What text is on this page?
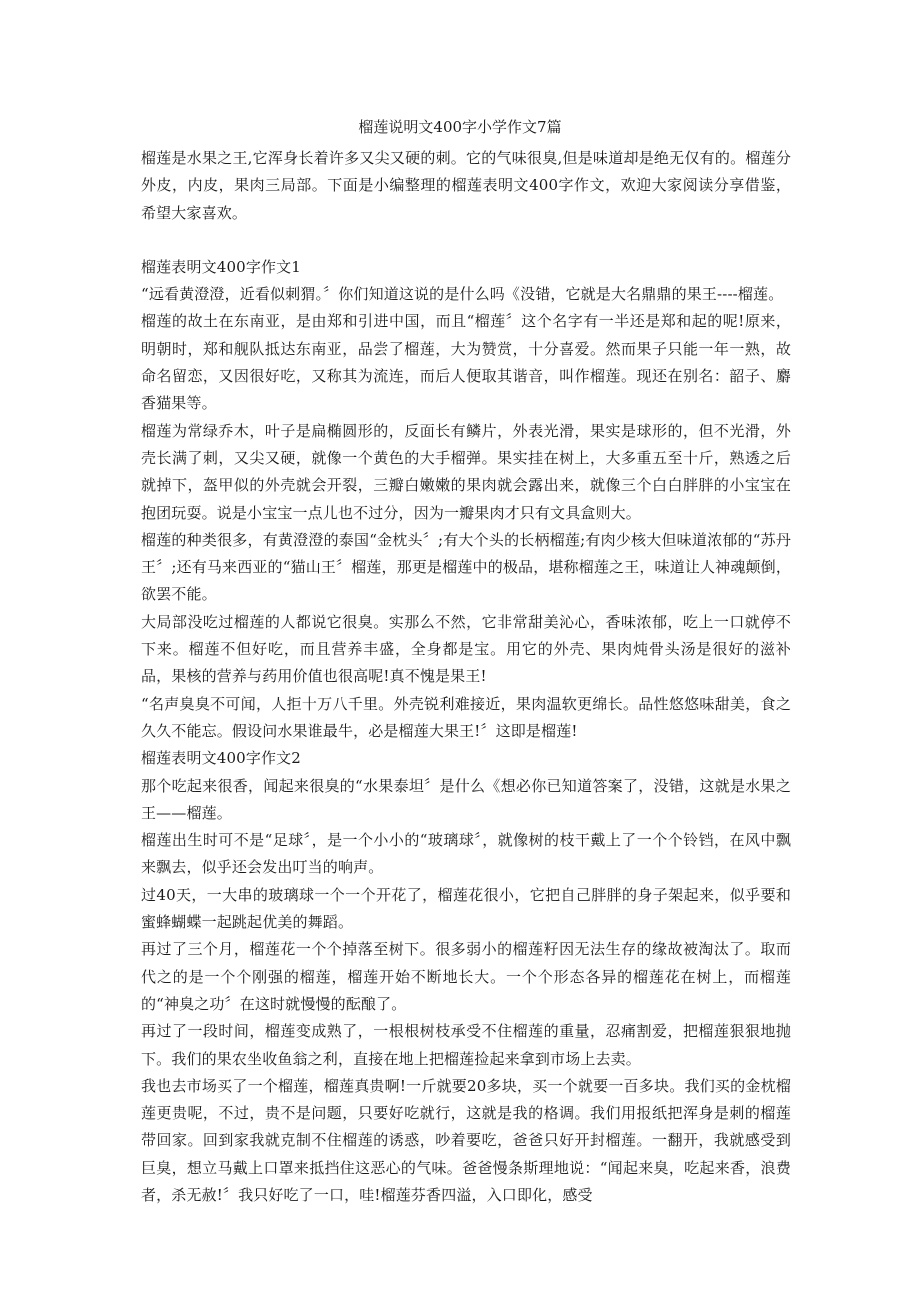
榴莲说明文400字小学作文7篇

榴莲是水果之王,它浑身长着许多又尖又硬的刺。它的气味很臭,但是味道却是绝无仅有的。榴莲分外皮，内皮，果肉三局部。下面是小编整理的榴莲表明文400字作文，欢迎大家阅读分享借鉴，希望大家喜欢。

榴莲表明文400字作文1

“远看黄澄澄，近看似刺猬。〞你们知道这说的是什么吗《没错，它就是大名鼎鼎的果王----榴莲。

榴莲的故土在东南亚，是由郑和引进中国，而且“榴莲〞这个名字有一半还是郑和起的呢!原来，明朝时，郑和舰队抵达东南亚，品尝了榴莲，大为赞赏，十分喜爱。然而果子只能一年一熟，故命名留恋，又因很好吃，又称其为流连，而后人便取其谐音，叫作榴莲。现还在别名：韶子、麝香猫果等。

榴莲为常绿乔木，叶子是扁椭圆形的，反面长有鳞片，外表光滑，果实是球形的，但不光滑，外壳长满了刺，又尖又硬，就像一个黄色的大手榴弹。果实挂在树上，大多重五至十斤，熟透之后就掉下，盔甲似的外壳就会开裂，三瓣白嫩嫩的果肉就会露出来，就像三个白白胖胖的小宝宝在抱团玩耍。说是小宝宝一点儿也不过分，因为一瓣果肉才只有文具盒则大。

榴莲的种类很多，有黄澄澄的泰国“金枕头〞;有大个头的长柄榴莲;有肉少核大但味道浓郁的“苏丹王〞;还有马来西亚的“猫山王〞榴莲，那更是榴莲中的极品，堪称榴莲之王，味道让人神魂颠倒，欲罢不能。

大局部没吃过榴莲的人都说它很臭。实那么不然，它非常甜美沁心，香味浓郁，吃上一口就停不下来。榴莲不但好吃，而且营养丰盛，全身都是宝。用它的外壳、果肉炖骨头汤是很好的滋补品，果核的营养与药用价值也很高呢!真不愧是果王!

“名声臭臭不可闻，人拒十万八千里。外壳锐利难接近，果肉温软更绵长。品性悠悠味甜美，食之久久不能忘。假设问水果谁最牛，必是榴莲大果王!〞这即是榴莲!

榴莲表明文400字作文2

那个吃起来很香，闻起来很臭的“水果泰坦〞是什么《想必你已知道答案了，没错，这就是水果之王——榴莲。

榴莲出生时可不是“足球〞，是一个小小的“玻璃球〞，就像树的枝干戴上了一个个铃铛，在风中飘来飘去，似乎还会发出叮当的响声。

过40天，一大串的玻璃球一个一个开花了，榴莲花很小，它把自己胖胖的身子架起来，似乎要和蜜蜂蝴蝶一起跳起优美的舞蹈。

再过了三个月，榴莲花一个个掉落至树下。很多弱小的榴莲籽因无法生存的缘故被淘汰了。取而代之的是一个个刚强的榴莲，榴莲开始不断地长大。一个个形态各异的榴莲花在树上，而榴莲的“神臭之功〞在这时就慢慢的酝酿了。

再过了一段时间，榴莲变成熟了，一根根树枝承受不住榴莲的重量，忍痛割爱，把榴莲狠狠地抛下。我们的果农坐收鱼翁之利，直接在地上把榴莲捡起来拿到市场上去卖。

我也去市场买了一个榴莲，榴莲真贵啊!一斤就要20多块，买一个就要一百多块。我们买的金枕榴莲更贵呢，不过，贵不是问题，只要好吃就行，这就是我的格调。我们用报纸把浑身是刺的榴莲带回家。回到家我就克制不住榴莲的诱惑，吵着要吃，爸爸只好开封榴莲。一翻开，我就感受到巨臭，想立马戴上口罩来抵挡住这恶心的气味。爸爸慢条斯理地说：“闻起来臭，吃起来香，浪费者，杀无赦!〞我只好吃了一口，哇!榴莲芬香四溢，入口即化，感受
